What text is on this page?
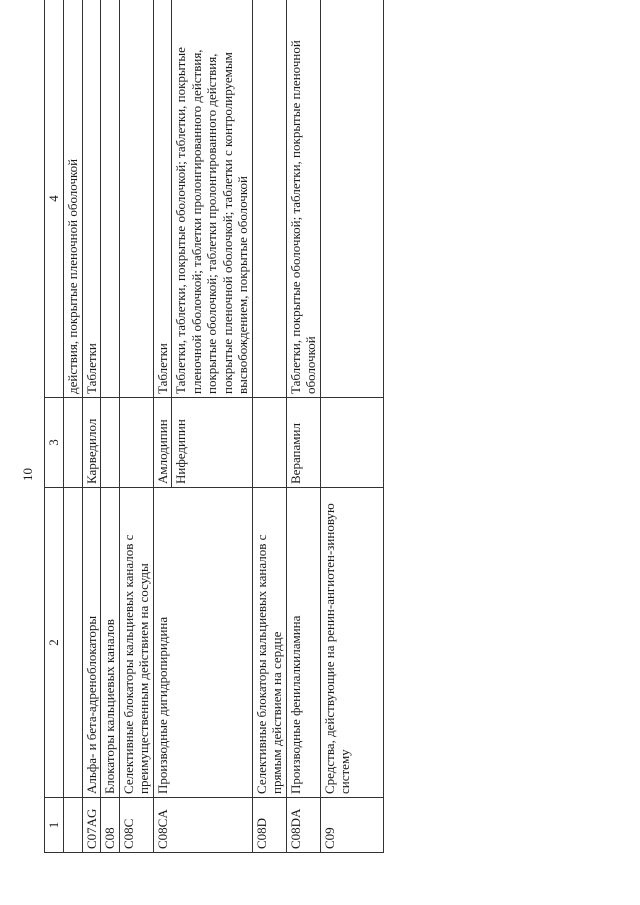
10
1	2	3	4
			действия, покрытые пленочной оболочкой
C07AG	Альфа- и бета-адреноблокаторы	Карведилол	Таблетки
C08	Блокаторы кальциевых каналов		
C08C	Селективные блокаторы кальциевых каналов с преимущественным действием на сосуды		
C08CA	Производные дигидропиридина	Амлодипин	Таблетки
		Нифедипин	Таблетки, таблетки, покрытые оболочкой; таблетки, покрытые пленочной оболочкой; таблетки пролонгированного действия, покрытые оболочкой; таблетки пролонгированного действия, покрытые пленочной оболочкой; таблетки с контролируемым высвобождением, покрытые оболочкой
C08D	Селективные блокаторы кальциевых каналов с прямым действием на сердце		
C08DA	Производные фенилалкиламина	Верапамил	Таблетки, покрытые оболочкой; таблетки, покрытые пленочной оболочкой
C09	Средства, действующие на ренин-ангиотен-зиновую систему		
